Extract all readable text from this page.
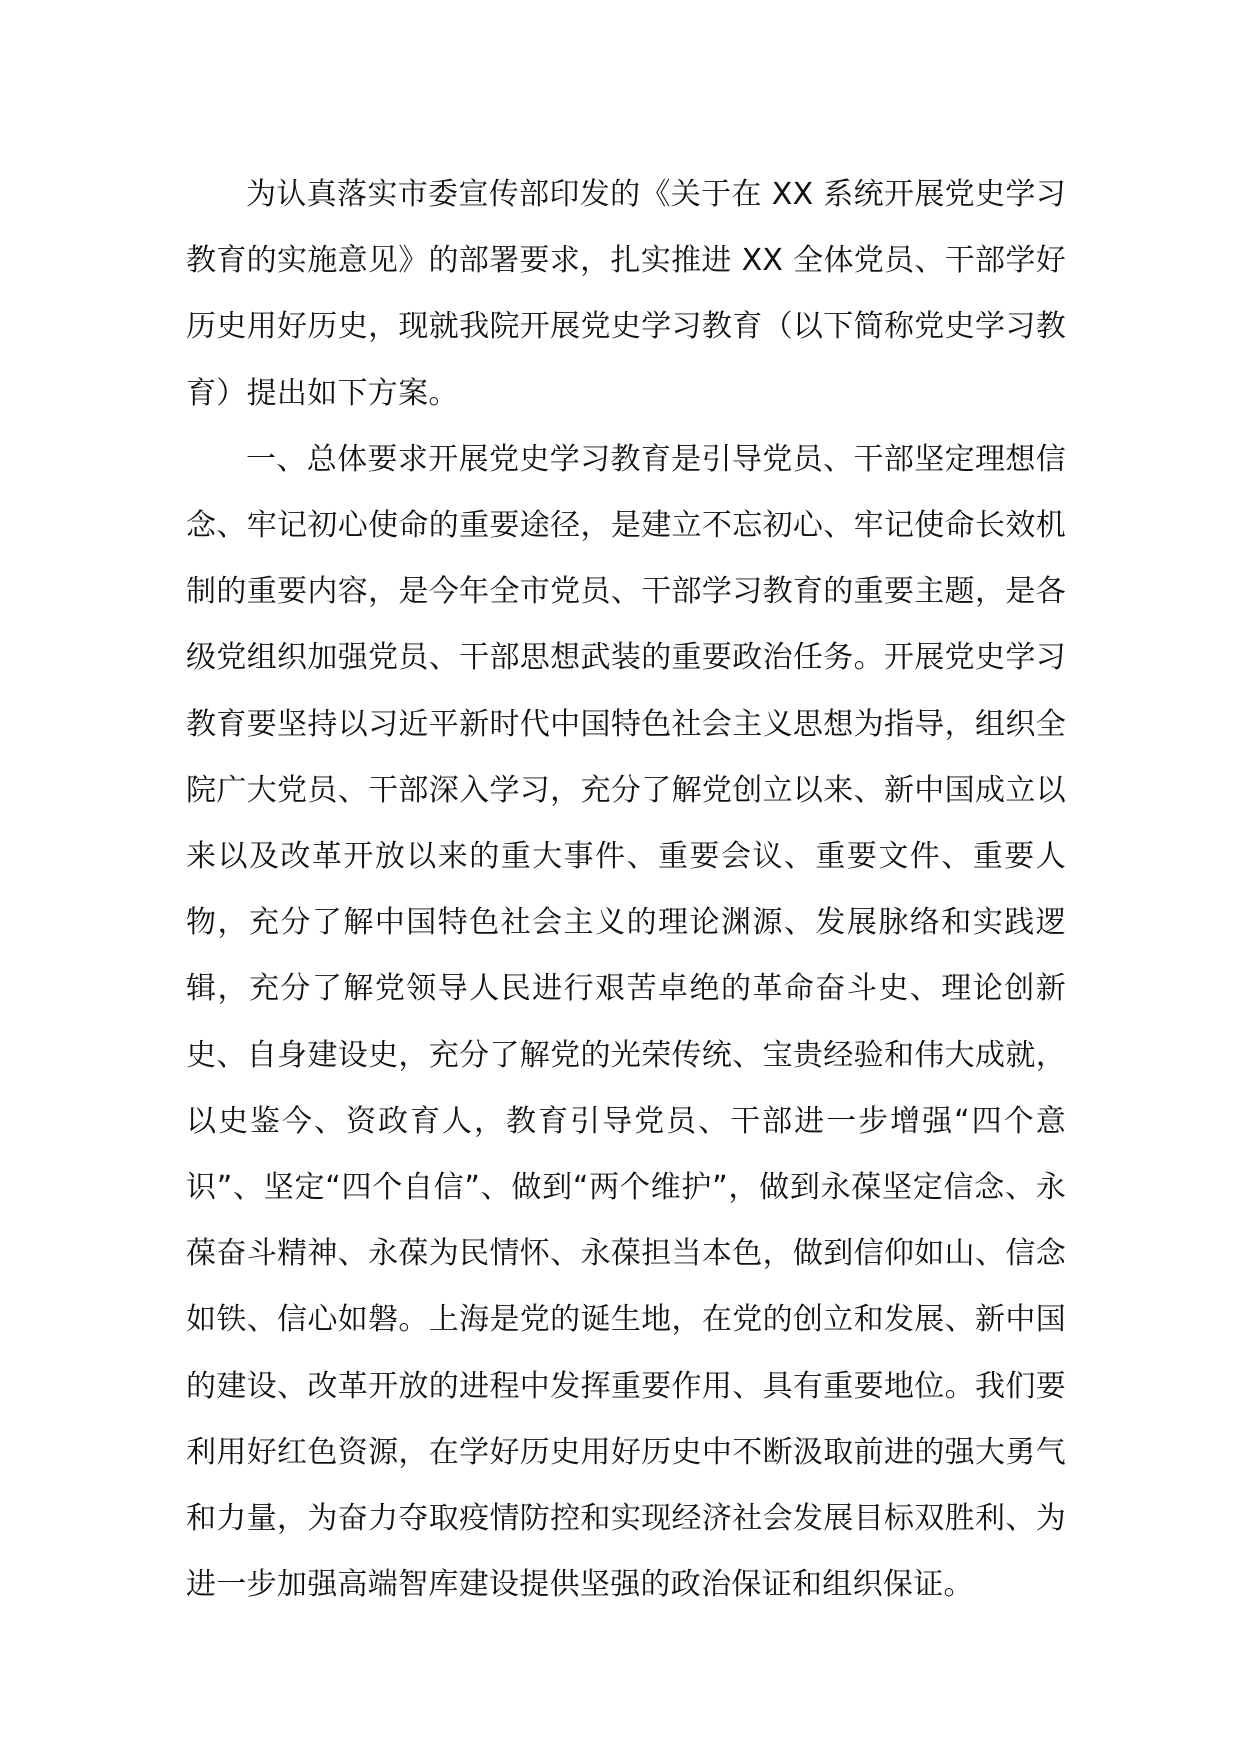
为认真落实市委宣传部印发的《关于在 XX 系统开展党史学习教育的实施意见》的部署要求，扎实推进 XX 全体党员、干部学好历史用好历史，现就我院开展党史学习教育（以下简称党史学习教育）提出如下方案。

一、总体要求开展党史学习教育是引导党员、干部坚定理想信念、牢记初心使命的重要途径，是建立不忘初心、牢记使命长效机制的重要内容，是今年全市党员、干部学习教育的重要主题，是各级党组织加强党员、干部思想武装的重要政治任务。开展党史学习教育要坚持以习近平新时代中国特色社会主义思想为指导，组织全院广大党员、干部深入学习，充分了解党创立以来、新中国成立以来以及改革开放以来的重大事件、重要会议、重要文件、重要人物，充分了解中国特色社会主义的理论渊源、发展脉络和实践逻辑，充分了解党领导人民进行艰苦卓绝的革命奋斗史、理论创新史、自身建设史，充分了解党的光荣传统、宝贵经验和伟大成就，以史鉴今、资政育人，教育引导党员、干部进一步增强“四个意识”、坚定“四个自信”、做到“两个维护”，做到永葆坚定信念、永葆奋斗精神、永葆为民情怀、永葆担当本色，做到信仰如山、信念如铁、信心如磐。上海是党的诞生地，在党的创立和发展、新中国的建设、改革开放的进程中发挥重要作用、具有重要地位。我们要利用好红色资源，在学好历史用好历史中不断汲取前进的强大勇气和力量，为奋力夺取疫情防控和实现经济社会发展目标双胜利、为进一步加强高端智库建设提供坚强的政治保证和组织保证。
